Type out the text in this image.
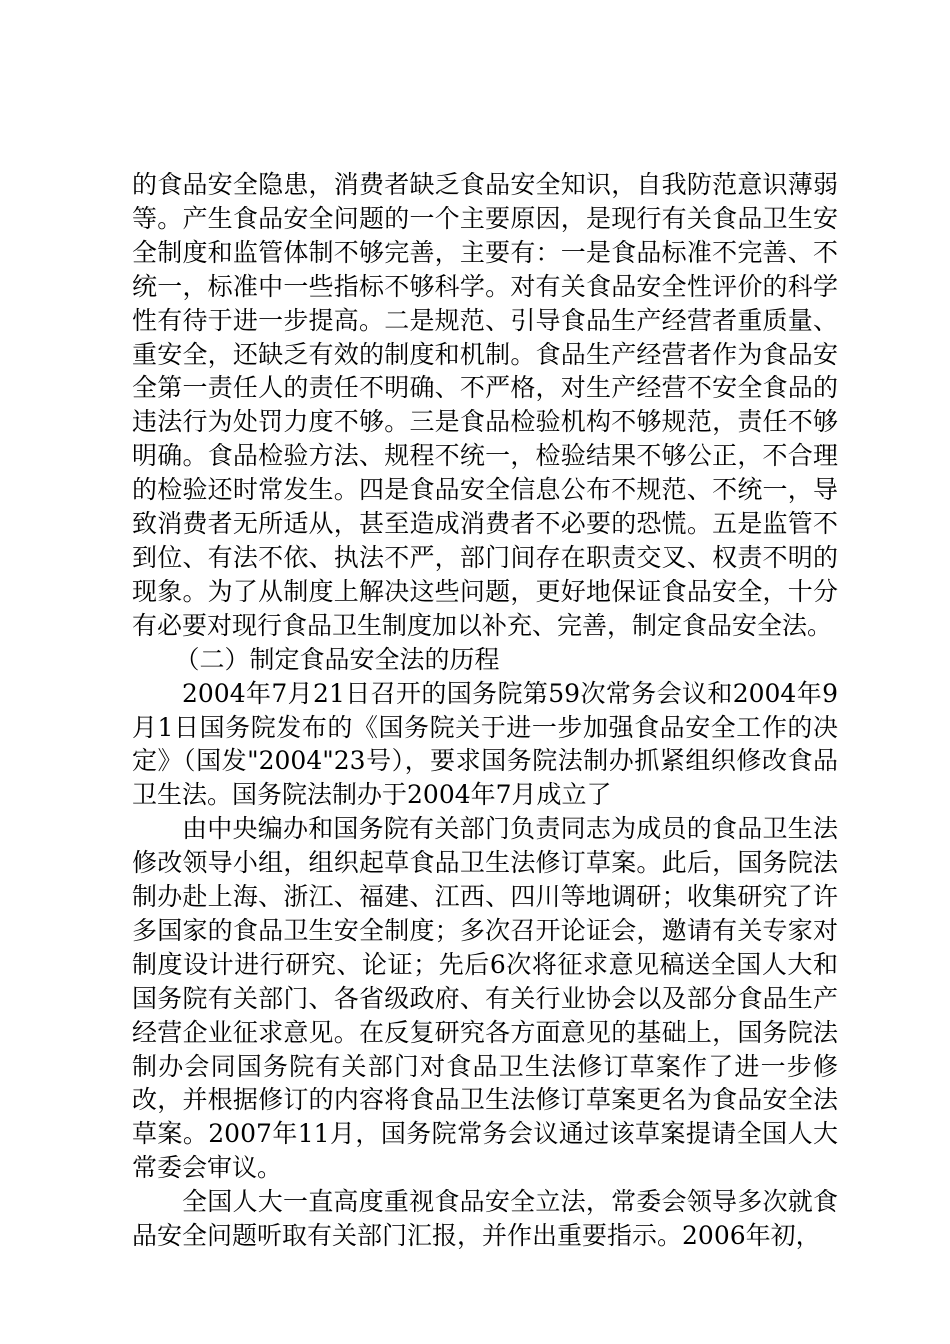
的食品安全隐患，消费者缺乏食品安全知识，自我防范意识薄弱等。产生食品安全问题的一个主要原因，是现行有关食品卫生安全制度和监管体制不够完善，主要有：一是食品标准不完善、不统一，标准中一些指标不够科学。对有关食品安全性评价的科学性有待于进一步提高。二是规范、引导食品生产经营者重质量、重安全，还缺乏有效的制度和机制。食品生产经营者作为食品安全第一责任人的责任不明确、不严格，对生产经营不安全食品的违法行为处罚力度不够。三是食品检验机构不够规范，责任不够明确。食品检验方法、规程不统一，检验结果不够公正，不合理的检验还时常发生。四是食品安全信息公布不规范、不统一，导致消费者无所适从，甚至造成消费者不必要的恐慌。五是监管不到位、有法不依、执法不严，部门间存在职责交叉、权责不明的现象。为了从制度上解决这些问题，更好地保证食品安全，十分有必要对现行食品卫生制度加以补充、完善，制定食品安全法。

（二）制定食品安全法的历程

2004年7月21日召开的国务院第59次常务会议和2004年9月1日国务院发布的《国务院关于进一步加强食品安全工作的决定》（国发"2004"23号），要求国务院法制办抓紧组织修改食品卫生法。国务院法制办于2004年7月成立了

由中央编办和国务院有关部门负责同志为成员的食品卫生法修改领导小组，组织起草食品卫生法修订草案。此后，国务院法制办赴上海、浙江、福建、江西、四川等地调研；收集研究了许多国家的食品卫生安全制度；多次召开论证会，邀请有关专家对制度设计进行研究、论证；先后6次将征求意见稿送全国人大和国务院有关部门、各省级政府、有关行业协会以及部分食品生产经营企业征求意见。在反复研究各方面意见的基础上，国务院法制办会同国务院有关部门对食品卫生法修订草案作了进一步修改，并根据修订的内容将食品卫生法修订草案更名为食品安全法草案。2007年11月，国务院常务会议通过该草案提请全国人大常委会审议。

全国人大一直高度重视食品安全立法，常委会领导多次就食品安全问题听取有关部门汇报，并作出重要指示。2006年初，
